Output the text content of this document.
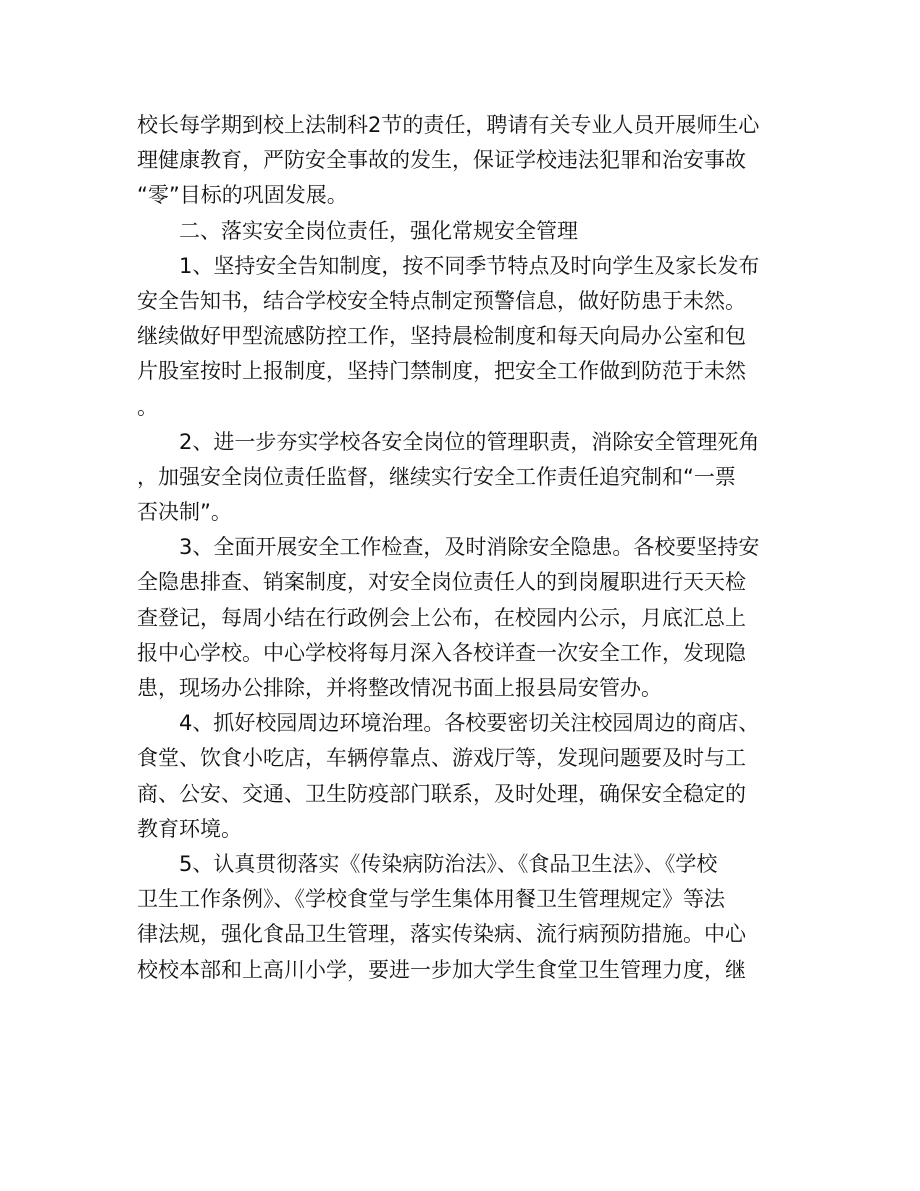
校长每学期到校上法制科2节的责任，聘请有关专业人员开展师生心
理健康教育，严防安全事故的发生，保证学校违法犯罪和治安事故
“零”目标的巩固发展。
二、落实安全岗位责任，强化常规安全管理
1、坚持安全告知制度，按不同季节特点及时向学生及家长发布
安全告知书，结合学校安全特点制定预警信息，做好防患于未然。
继续做好甲型流感防控工作，坚持晨检制度和每天向局办公室和包
片股室按时上报制度，坚持门禁制度，把安全工作做到防范于未然
。
2、进一步夯实学校各安全岗位的管理职责，消除安全管理死角
，加强安全岗位责任监督，继续实行安全工作责任追究制和“一票
否决制”。
3、全面开展安全工作检查，及时消除安全隐患。各校要坚持安
全隐患排查、销案制度，对安全岗位责任人的到岗履职进行天天检
查登记，每周小结在行政例会上公布，在校园内公示，月底汇总上
报中心学校。中心学校将每月深入各校详查一次安全工作，发现隐
患，现场办公排除，并将整改情况书面上报县局安管办。
4、抓好校园周边环境治理。各校要密切关注校园周边的商店、
食堂、饮食小吃店，车辆停靠点、游戏厅等，发现问题要及时与工
商、公安、交通、卫生防疫部门联系，及时处理，确保安全稳定的
教育环境。
5、认真贯彻落实《传染病防治法》、《食品卫生法》、《学校
卫生工作条例》、《学校食堂与学生集体用餐卫生管理规定》等法
律法规，强化食品卫生管理，落实传染病、流行病预防措施。中心
校校本部和上高川小学，要进一步加大学生食堂卫生管理力度，继
